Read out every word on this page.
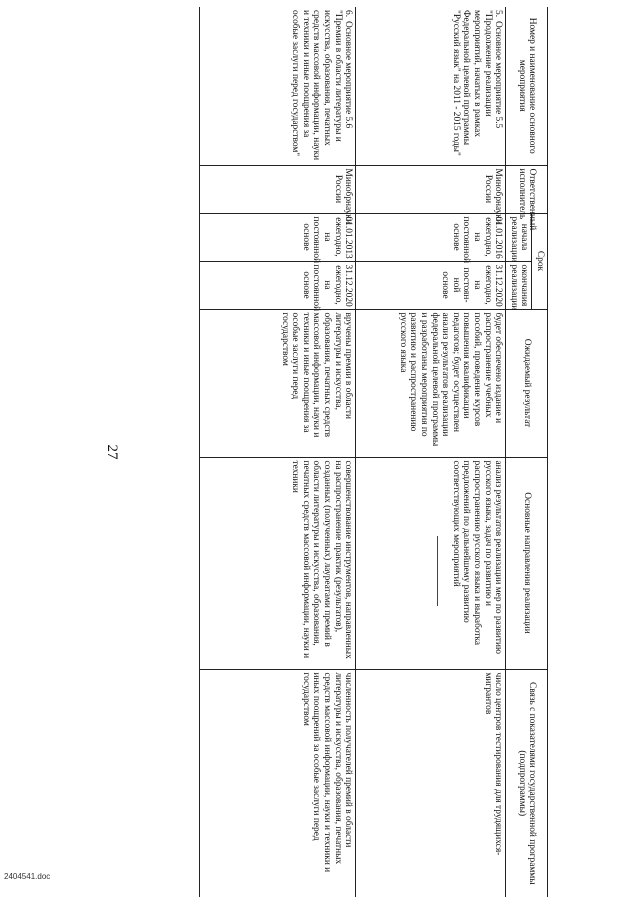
Номер и наименование основного мероприятия	Ответственный исполнитель	Срок		Ожидаемый результат	Основные направления реализации	Связь с показателями государственной программы (подпрограммы)
		начала реализации	окончания реализации			
5.Основное мероприятие 5.5 "Продолжение реализации мероприятий, начатых в рамках Федеральной целевой программы "Русский язык" на 2011 - 2015 годы"	Минобрнауки России	01.01.2016 ежегодно, на постоянной основе	31.12.2020 ежегодно, на постоян-ной основе	будет обеспечено издание и распространение учебных пособий, проведение курсов повышения квалификации педагогов; будет осуществлен анализ результатов реализации федеральной целевой программы и разработаны мероприятия по развитию и распространению русского языка	анализ результатов реализации мер по развитию русского языка, задач по развитию и распространению русского языка и выработка предложений по дальнейшему развитию соответствующих мероприятий	число центров тестирования для трудящихся-мигрантов
6.Основное мероприятие 5.6 "Премии в области литературы и искусства, образования, печатных средств массовой информации, науки и техники и иные поощрения за особые заслуги перед государством"	Минобрнауки России	01.01.2013 ежегодно, на постоянной основе	31.12.2020 ежегодно, на постоянной основе	вручены премии в области литературы и искусства, образования, печатных средств массовой информации, науки и техники и иные поощрения за особые заслуги перед государством	совершенствование инструментов, направленных на распространение практик (результатов), созданных (полученных) лауреатами премий в области литературы и искусства, образования, печатных средств массовой информации, науки и техники	численность получателей премий в области литературы и искусства, образования, печатных средств массовой информации, науки и техники и иных поощрений за особые заслуги перед государством
27
2404541.doc
